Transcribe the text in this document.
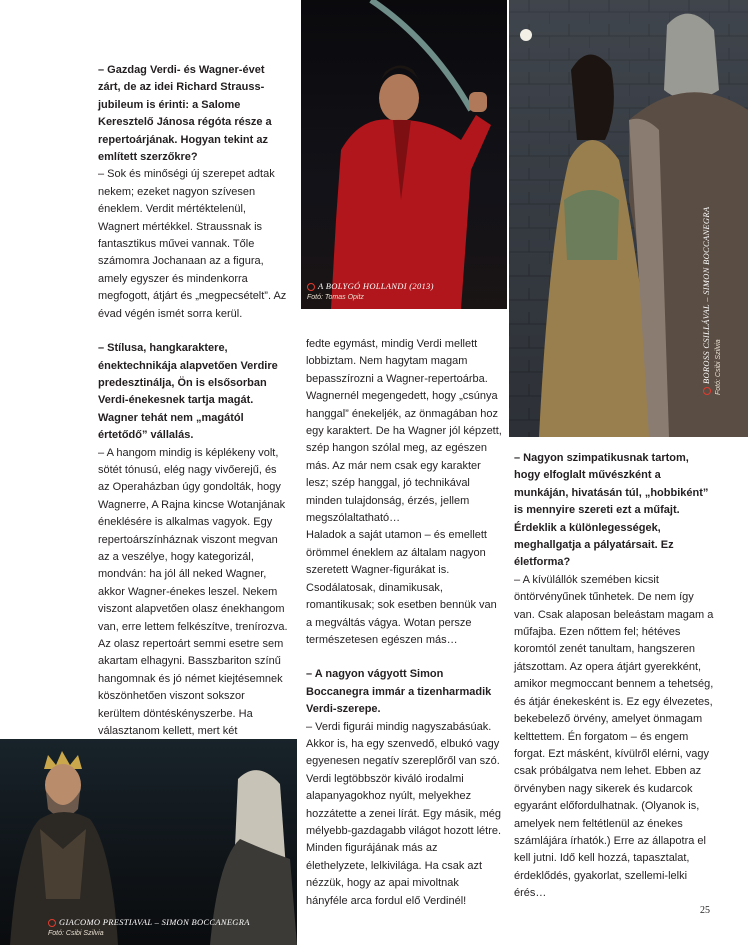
– Gazdag Verdi- és Wagner-évet zárt, de az idei Richard Strauss-jubileum is érinti: a Salome Keresztelő Jánosa régóta része a repertoárjának. Hogyan tekint az említett szerzőkre?

– Sok és minőségi új szerepet adtak nekem; ezeket nagyon szívesen éneklem. Verdit mértéktelenül, Wagnert mértékkel. Straussnak is fantasztikus művei vannak. Tőle számomra Jochanaan az a figura, amely egyszer és mindenkorra megfogott, átjárt és „megpecsételt”. Az évad végén ismét sorra kerül.

– Stílusa, hangkaraktere, énektechnikája alapvetően Verdire predesztinálja, Ön is elsősorban Verdi-énekesnek tartja magát. Wagner tehát nem „magától értetődő” vállalás.

– A hangom mindig is képlékeny volt, sötét tónusú, elég nagy vivőerejű, és az Operaházban úgy gondolták, hogy Wagnerre, A Rajna kincse Wotanjának éneklésére is alkalmas vagyok. Egy repertoárszínháznak viszont megvan az a veszélye, hogy kategorizál, mondván: ha jól áll neked Wagner, akkor Wagner-énekes leszel. Nekem viszont alapvetően olasz énekhangom van, erre lettem felkészítve, trenírozva. Az olasz repertoárt semmi esetre sem akartam elhagyni. Basszbariton színű hangomnak és jó német kiejtésemnek köszönhetően viszont sokszor kerültem döntéskényszerbe. Ha választanom kellett, mert két

A BOLYGÓ HOLLANDI (2013)
Fotó: Tomas Opitz	BOROSS CSILLÁVAL – SIMON BOCCANEGRA Fotó: Csibi Szilvia

fedte egymást, mindig Verdi mellett lobbiztam. Nem hagytam magam bepasszírozni a Wagner-repertoárba. Wagnernél megengedett, hogy „csúnya hanggal” énekeljék, az önmagában hoz egy karaktert. De ha Wagner jól képzett, szép hangon szólal meg, az egészen más. Az már nem csak egy karakter lesz; szép hanggal, jó technikával minden tulajdonság, érzés, jellem megszólaltatható…

Haladok a saját utamon – és emellett örömmel éneklem az általam nagyon szeretett Wagner-figurákat is. Csodálatosak, dinamikusak, romantikusak; sok esetben bennük van a megváltás vágya. Wotan persze természetesen egészen más…

– A nagyon vágyott Simon Boccanegra immár a tizenharmadik Verdi-szerepe.

– Verdi figurái mindig nagyszabásúak. Akkor is, ha egy szenvedő, elbukó vagy egyenesen negatív szereplőről van szó. Verdi legtöbbször kiváló irodalmi alapanyagokhoz nyúlt, melyekhez hozzátette a zenei lírát. Egy másik, még mélyebb-gazdagabb világot hozott létre. Minden figurájának más az élethelyzete, lelkivilága. Ha csak azt nézzük, hogy az apai mivoltnak hányféle arca fordul elő Verdinél!

– Nagyon szimpatikusnak tartom, hogy elfoglalt művészként a munkáján, hivatásán túl, „hobbiként” is mennyire szereti ezt a műfajt. Érdeklik a különlegességek, meghallgatja a pályatársait. Ez életforma?

– A kívülállók szemében kicsit öntörvényűnek tűnhetek. De nem így van. Csak alaposan beleástam magam a műfajba. Ezen nőttem fel; hétéves koromtól zenét tanultam, hangszeren játszottam. Az opera átjárt gyerekként, amikor megmoccant bennem a tehetség, és átjár énekesként is. Ez egy élvezetes, bekebelező örvény, amelyet önmagam kelttettem. Én forgatom – és engem forgat. Ezt másként, kívülről elérni, vagy csak próbálgatva nem lehet. Ebben az örvényben nagy sikerek és kudarcok egyaránt előfordulhatnak. (Olyanok is, amelyek nem feltétlenül az énekes számlájára írhatók.) Erre az állapotra el kell jutni. Idő kell hozzá, tapasztalat, érdeklődés, gyakorlat, szellemi-lelki érés…

GIACOMO PRESTIAVAL – SIMON BOCCANEGRA
Fotó: Csibi Szilvia
25
